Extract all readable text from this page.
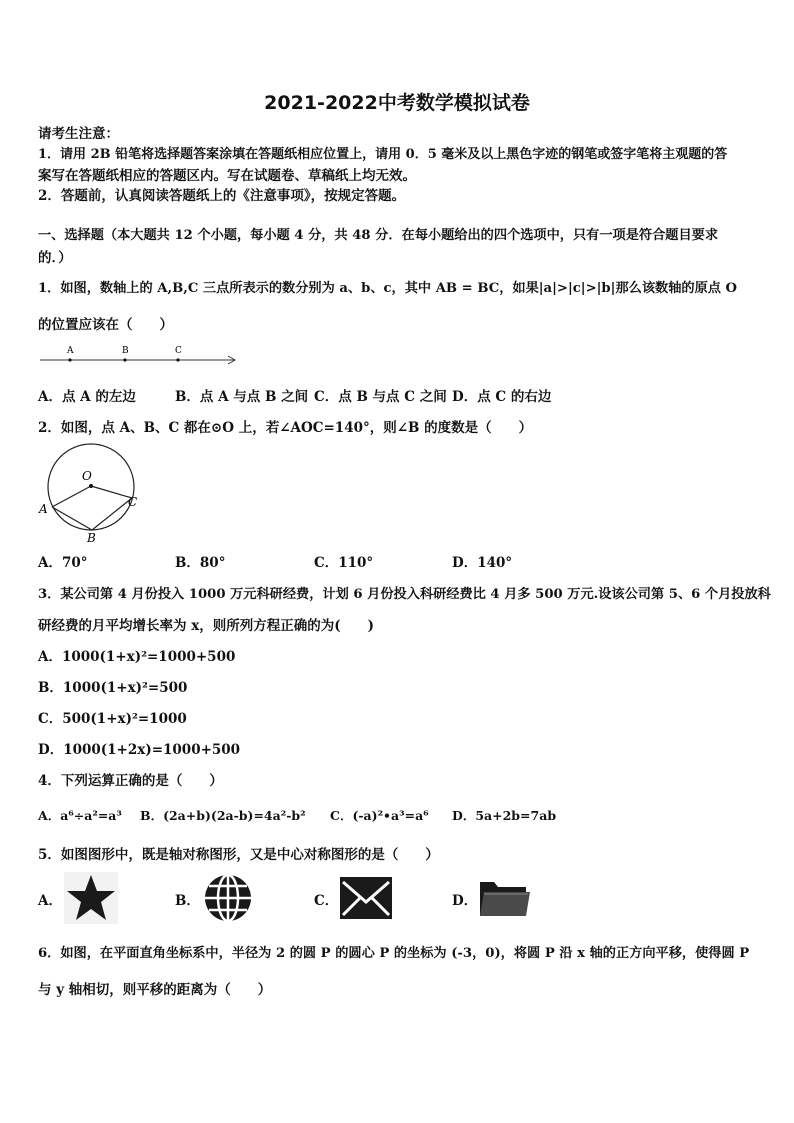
2021-2022中考数学模拟试卷
请考生注意：
1．请用 2B 铅笔将选择题答案涂填在答题纸相应位置上，请用 0．5 毫米及以上黑色字迹的钢笔或签字笔将主观题的答
案写在答题纸相应的答题区内。写在试题卷、草稿纸上均无效。
2．答题前，认真阅读答题纸上的《注意事项》，按规定答题。
一、选择题（本大题共 12 个小题，每小题 4 分，共 48 分．在每小题给出的四个选项中，只有一项是符合题目要求
的．）
1．如图，数轴上的 A,B,C 三点所表示的数分别为 a、b、c，其中 AB = BC，如果|a|>|c|>|b|那么该数轴的原点 O
的位置应该在（　　）
A	B	C
A．点 A 的左边	B．点 A 与点 B 之间 C．点 B 与点 C 之间 D．点 C 的右边
2．如图，点 A、B、C 都在⊙O 上，若∠AOC=140°，则∠B 的度数是（　　）
O
A
B
C
A．70°	B．80°	C．110°	D．140°
3．某公司第 4 月份投入 1000 万元科研经费，计划 6 月份投入科研经费比 4 月多 500 万元.设该公司第 5、6 个月投放科
研经费的月平均增长率为 x，则所列方程正确的为(　　)
A．1000(1+x)²=1000+500
B．1000(1+x)²=500
C．500(1+x)²=1000
D．1000(1+2x)=1000+500
4．下列运算正确的是（　　）
A．a⁶÷a²=a³ B．(2a+b)(2a-b)=4a²-b² C．(-a)²•a³=a⁶ D．5a+2b=7ab
5．如图图形中，既是轴对称图形，又是中心对称图形的是（　　）
A．	B．	C．	D．
6．如图，在平面直角坐标系中，半径为 2 的圆 P 的圆心 P 的坐标为 (-3，0)，将圆 P 沿 x 轴的正方向平移，使得圆 P
与 y 轴相切，则平移的距离为（　　）
